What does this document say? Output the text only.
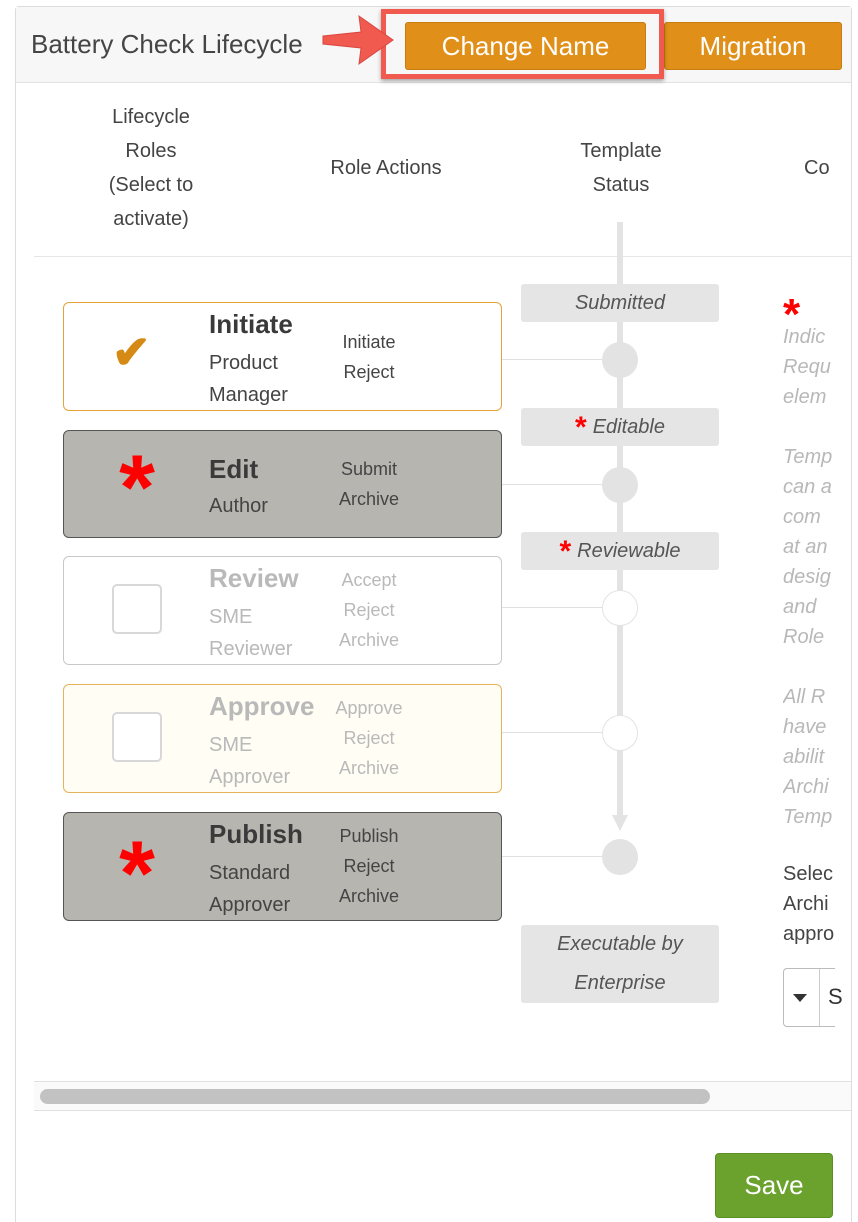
Battery Check Lifecycle	Change Name	Migration
Lifecycle
Roles
(Select to
activate)
Role Actions
Template
Status
Co
Submitted
* Editable
* Reviewable
Executable by
Enterprise
✔
Initiate
Product
Manager
Initiate
Reject
* Edit
Author
Submit
Archive
Review
SME
Reviewer
Accept
Reject
Archive
Approve
SME
Approver
Approve
Reject
Archive
* Publish
Standard
Approver
Publish
Reject
Archive
*
Indic
Requ
elem
Temp
can a
com
at an
desig
and
Role
All R
have
abilit
Archi
Temp
Selec
Archi
appro
S
Save
